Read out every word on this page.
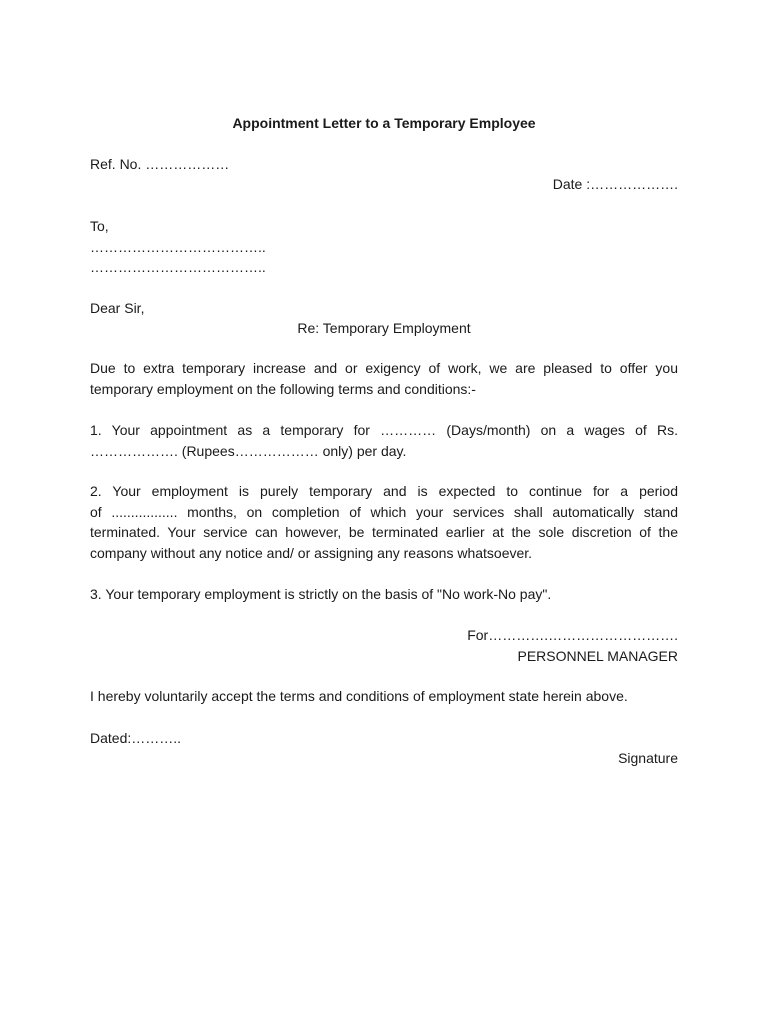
Appointment Letter to a Temporary Employee
Ref. No. ………………
Date :……………….
To,
………………………………..
………………………………..
Dear Sir,
Re: Temporary Employment
Due to extra temporary increase and or exigency of work, we are pleased to offer you
temporary employment on the following terms and conditions:-
1. Your appointment as a temporary for ………… (Days/month) on a wages of Rs.
………………. (Rupees……………… only) per day.
2. Your employment is purely temporary and is expected to continue for a period
of ................. months, on completion of which your services shall automatically stand
terminated. Your service can however, be terminated earlier at the sole discretion of the
company without any notice and/ or assigning any reasons whatsoever.
3. Your temporary employment is strictly on the basis of "No work-No pay".
For………….……………………….
PERSONNEL MANAGER
I hereby voluntarily accept the terms and conditions of employment state herein above.
Dated:………..
Signature
